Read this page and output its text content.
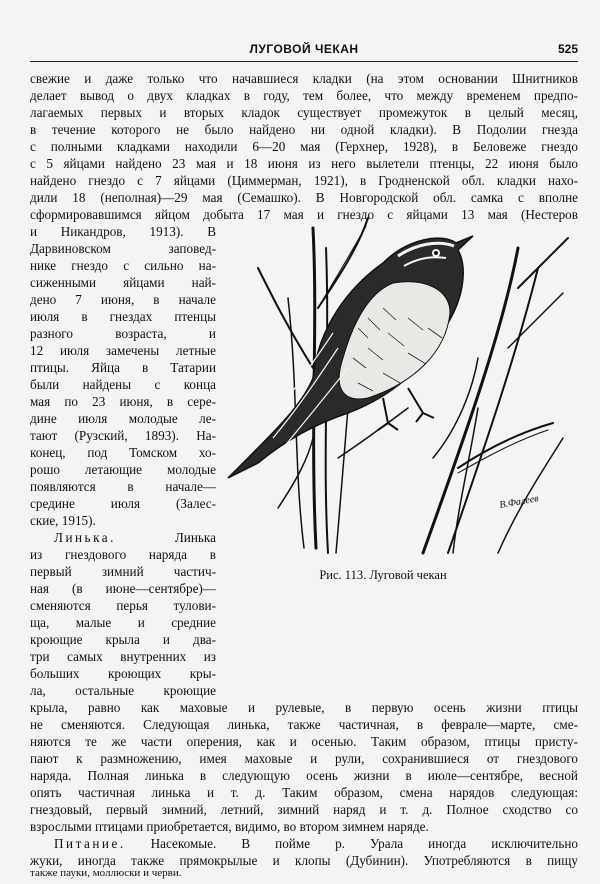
ЛУГОВОЙ ЧЕКАН	525
свежие и даже только что начавшиеся кладки (на этом основании Шнитников
делает вывод о двух кладках в году, тем более, что между временем предпо-
лагаемых первых и вторых кладок существует промежуток в целый месяц,
в течение которого не было найдено ни одной кладки). В Подолии гнезда
с полными кладками находили 6—20 мая (Герхнер, 1928), в Беловеже гнездо
с 5 яйцами найдено 23 мая и 18 июня из него вылетели птенцы, 22 июня было
найдено гнездо с 7 яйцами (Циммерман, 1921), в Гродненской обл. кладки нахо-
дили 18 (неполная)—29 мая (Семашко). В Новгородской обл. самка с вполне
сформировавшимся яйцом добыта 17 мая и гнездо с яйцами 13 мая (Нестеров
и Никандров, 1913). В
Дарвиновском заповед-
нике гнездо с сильно на-
сиженными яйцами най-
дено 7 июня, в начале
июля в гнездах птенцы
разного возраста, и
12 июля замечены летные
птицы. Яйца в Татарии
были найдены с конца
мая по 23 июня, в сере-
дине июля молодые ле-
тают (Рузский, 1893). На-
конец, под Томском хо-
рошо летающие молодые
появляются в начале—
средине июля (Залес-
ские, 1915).
Линька.	Линька
из гнездового наряда в
первый зимний частич-
ная (в июне—сентябре)—
сменяются перья тулови-
ща, малые и средние
кроющие крыла и два-
три самых внутренних из
больших кроющих кры-
ла, остальные кроющие
крыла, равно как маховые и рулевые, в первую осень жизни птицы
не сменяются. Следующая линька, также частичная, в феврале—марте, сме-
няются те же части оперения, как и осенью. Таким образом, птицы присту-
пают к размножению, имея маховые и рули, сохранившиеся от гнездового
наряда. Полная линька в следующую осень жизни в июле—сентябре, весной
опять частичная линька и т. д. Таким образом, смена нарядов следующая:
гнездовый, первый зимний, летний, зимний наряд и т. д. Полное сходство со
взрослыми птицами приобретается, видимо, во втором зимнем наряде.
В.Фалеев
Рис. 113. Луговой чекан
Питание. Насекомые. В пойме р. Урала иногда исключительно
жуки, иногда также прямокрылые и клопы (Дубинин). Употребляются в пищу
также пауки, моллюски и черви.
